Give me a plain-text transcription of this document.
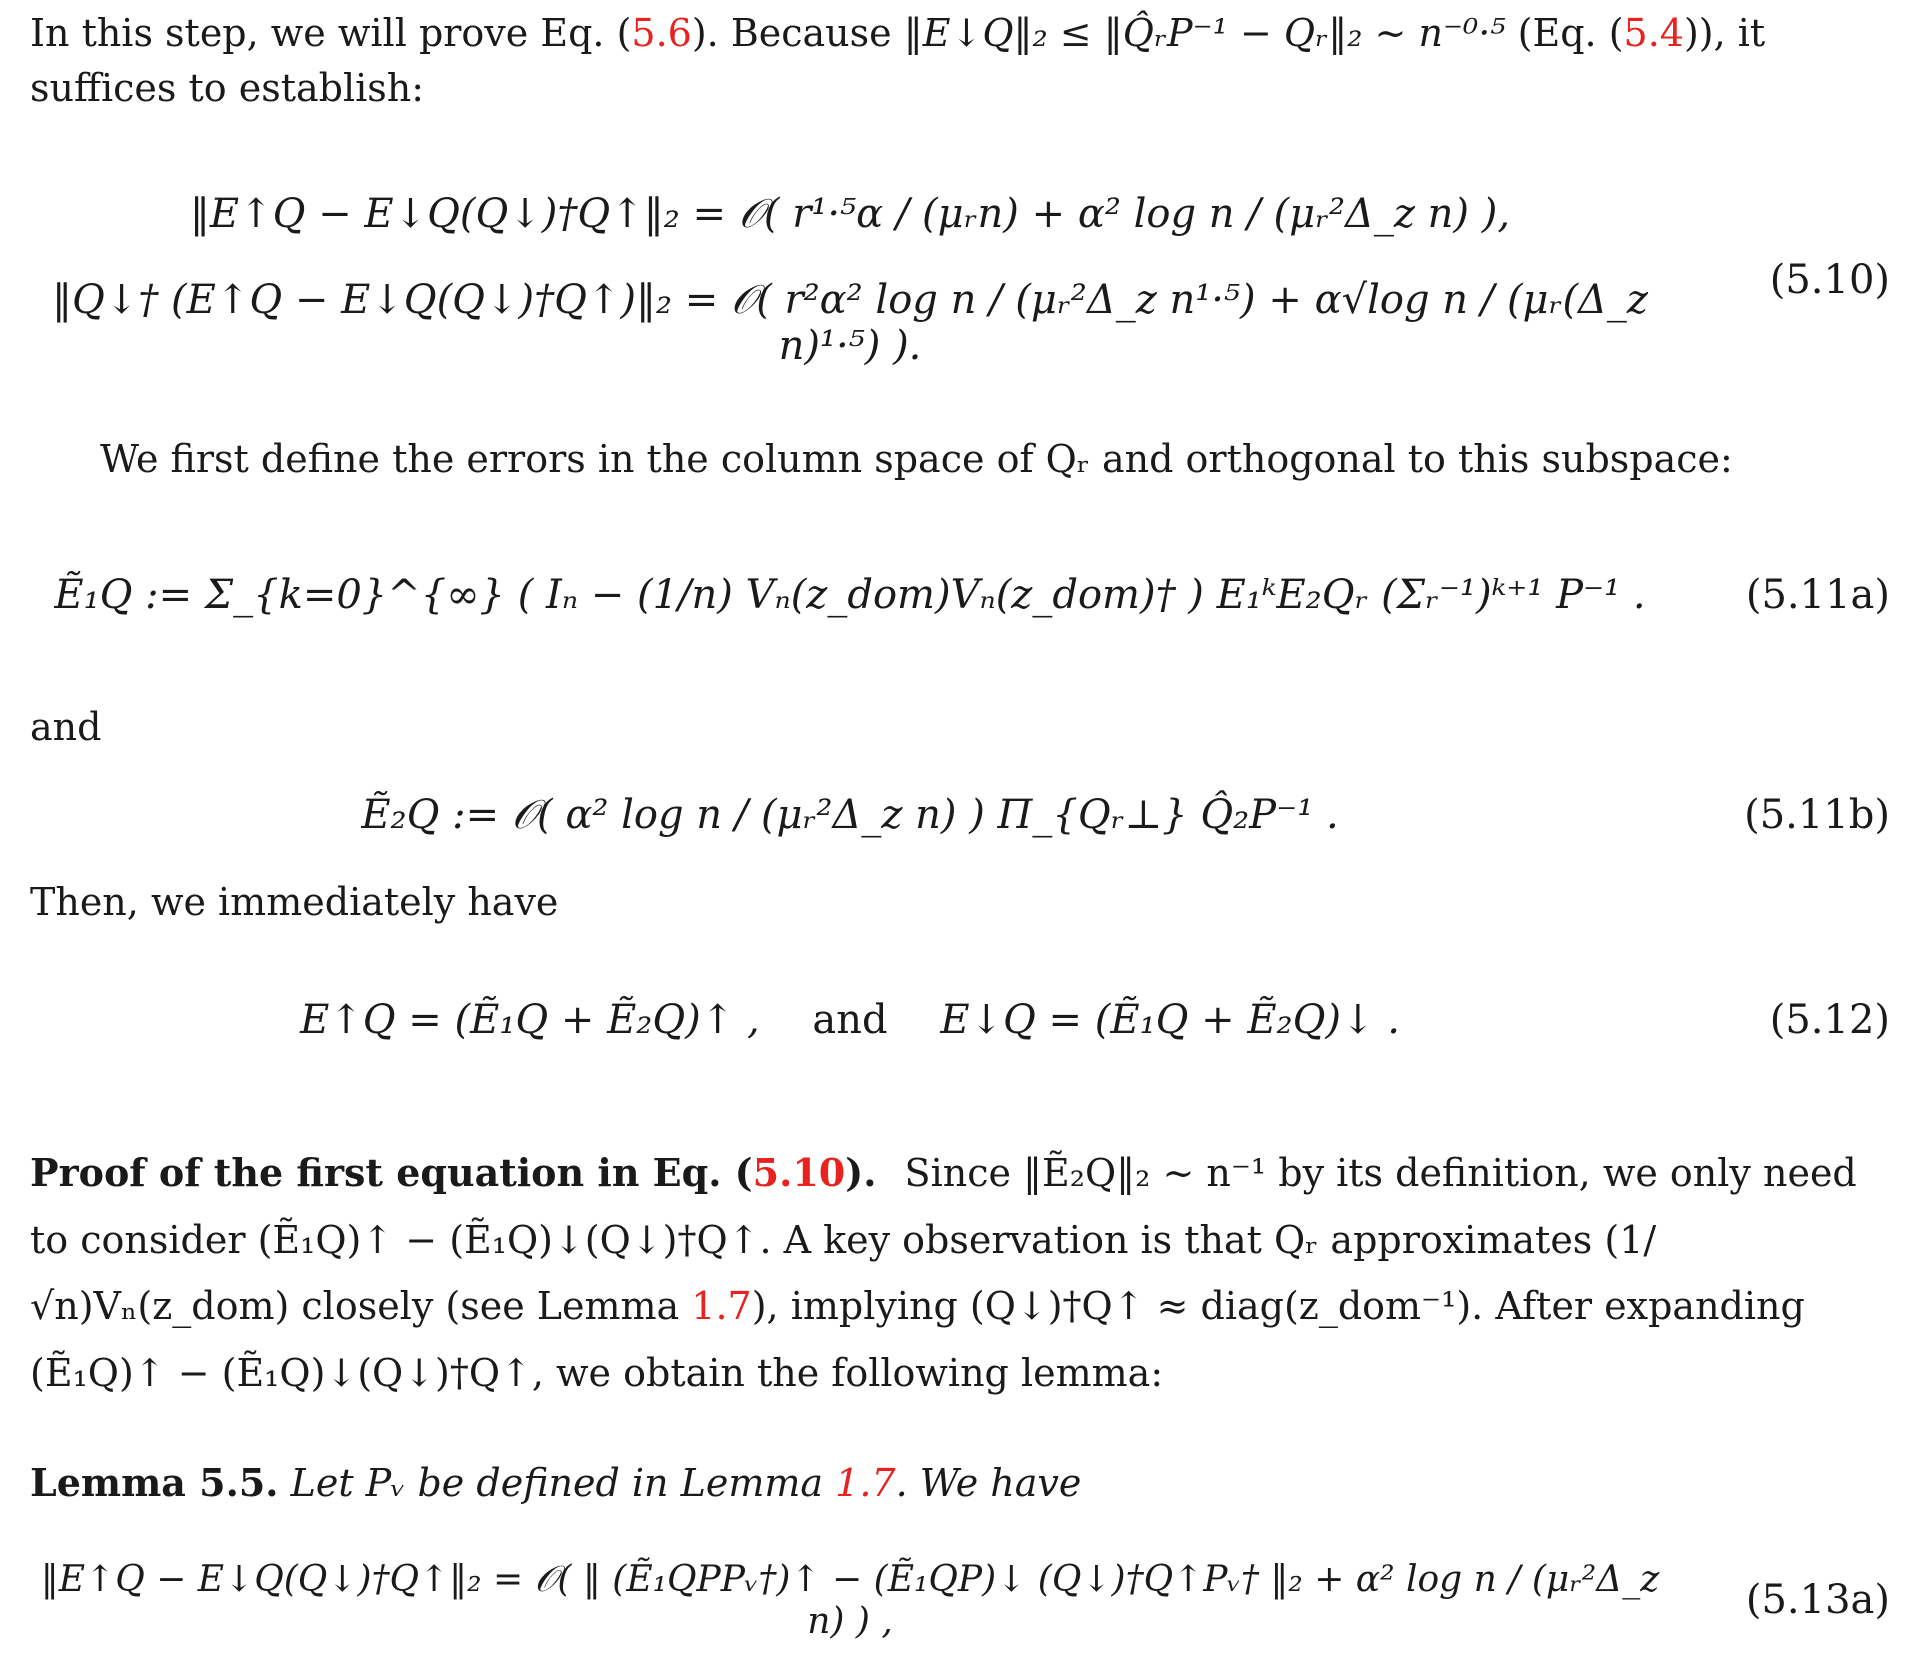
In this step, we will prove Eq. (5.6). Because ‖E↓Q‖₂ ≤ ‖Q̂ᵣP⁻¹ − Qᵣ‖₂ ∼ n⁻⁰·⁵ (Eq. (5.4)), it suffices to establish:
‖E↑Q − E↓Q(Q↓)†Q↑‖₂ = 𝒪( r¹·⁵α / (μᵣn) + α² log n / (μᵣ²Δ_z n) ),
‖Q↓† (E↑Q − E↓Q(Q↓)†Q↑)‖₂ = 𝒪( r²α² log n / (μᵣ²Δ_z n¹·⁵) + α√log n / (μᵣ(Δ_z n)¹·⁵) ).
(5.10)
We first define the errors in the column space of Qᵣ and orthogonal to this subspace:
Ẽ₁Q := Σ_{k=0}^{∞} ( Iₙ − (1/n) Vₙ(z_dom)Vₙ(z_dom)† ) E₁ᵏE₂Qᵣ (Σᵣ⁻¹)ᵏ⁺¹ P⁻¹ .	(5.11a)
and
Ẽ₂Q := 𝒪( α² log n / (μᵣ²Δ_z n) ) Π_{Qᵣ⊥} Q̂₂P⁻¹ .	(5.11b)
Then, we immediately have
E↑Q = (Ẽ₁Q + Ẽ₂Q)↑ , and E↓Q = (Ẽ₁Q + Ẽ₂Q)↓ .	(5.12)
Proof of the first equation in Eq. (5.10). Since ‖Ẽ₂Q‖₂ ∼ n⁻¹ by its definition, we only need to consider (Ẽ₁Q)↑ − (Ẽ₁Q)↓(Q↓)†Q↑. A key observation is that Qᵣ approximates (1/√n)Vₙ(z_dom) closely (see Lemma 1.7), implying (Q↓)†Q↑ ≈ diag(z_dom⁻¹). After expanding (Ẽ₁Q)↑ − (Ẽ₁Q)↓(Q↓)†Q↑, we obtain the following lemma:
Lemma 5.5. Let Pᵥ be defined in Lemma 1.7. We have
‖E↑Q − E↓Q(Q↓)†Q↑‖₂ = 𝒪( ‖ (Ẽ₁QPPᵥ†)↑ − (Ẽ₁QP)↓ (Q↓)†Q↑Pᵥ† ‖₂ + α² log n / (μᵣ²Δ_z n) ) ,	(5.13a)
